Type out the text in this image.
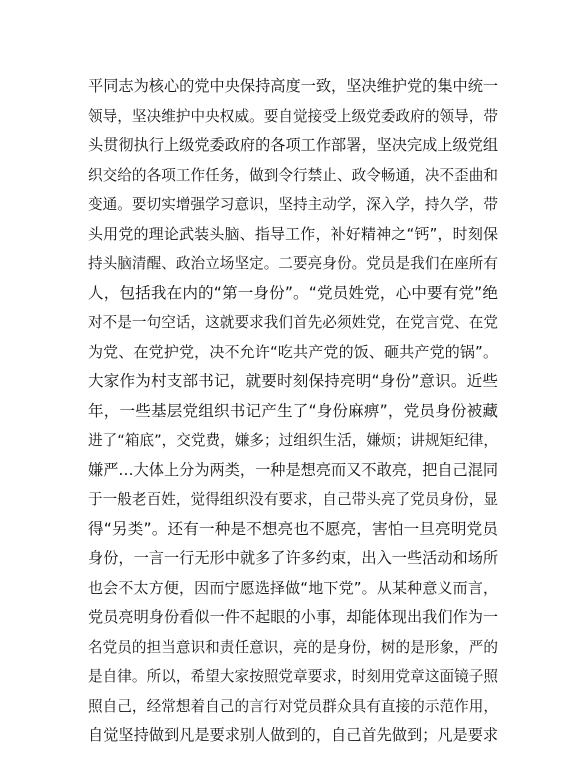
平同志为核心的党中央保持高度一致，坚决维护党的集中统一
领导，坚决维护中央权威。要自觉接受上级党委政府的领导，带
头贯彻执行上级党委政府的各项工作部署，坚决完成上级党组
织交给的各项工作任务，做到令行禁止、政令畅通，决不歪曲和
变通。要切实增强学习意识，坚持主动学，深入学，持久学，带
头用党的理论武装头脑、指导工作，补好精神之“钙”，时刻保
持头脑清醒、政治立场坚定。二要亮身份。党员是我们在座所有
人，包括我在内的“第一身份”。“党员姓党，心中要有党”绝
对不是一句空话，这就要求我们首先必须姓党，在党言党、在党
为党、在党护党，决不允许“吃共产党的饭、砸共产党的锅”。
大家作为村支部书记，就要时刻保持亮明“身份”意识。近些
年，一些基层党组织书记产生了“身份麻痹”，党员身份被藏
进了“箱底”，交党费，嫌多；过组织生活，嫌烦；讲规矩纪律，
嫌严…大体上分为两类，一种是想亮而又不敢亮，把自己混同
于一般老百姓，觉得组织没有要求，自己带头亮了党员身份，显
得“另类”。还有一种是不想亮也不愿亮，害怕一旦亮明党员
身份，一言一行无形中就多了许多约束，出入一些活动和场所
也会不太方便，因而宁愿选择做“地下党”。从某种意义而言，
党员亮明身份看似一件不起眼的小事，却能体现出我们作为一
名党员的担当意识和责任意识，亮的是身份，树的是形象，严的
是自律。所以，希望大家按照党章要求，时刻用党章这面镜子照
照自己，经常想着自己的言行对党员群众具有直接的示范作用，
自觉坚持做到凡是要求别人做到的，自己首先做到；凡是要求
